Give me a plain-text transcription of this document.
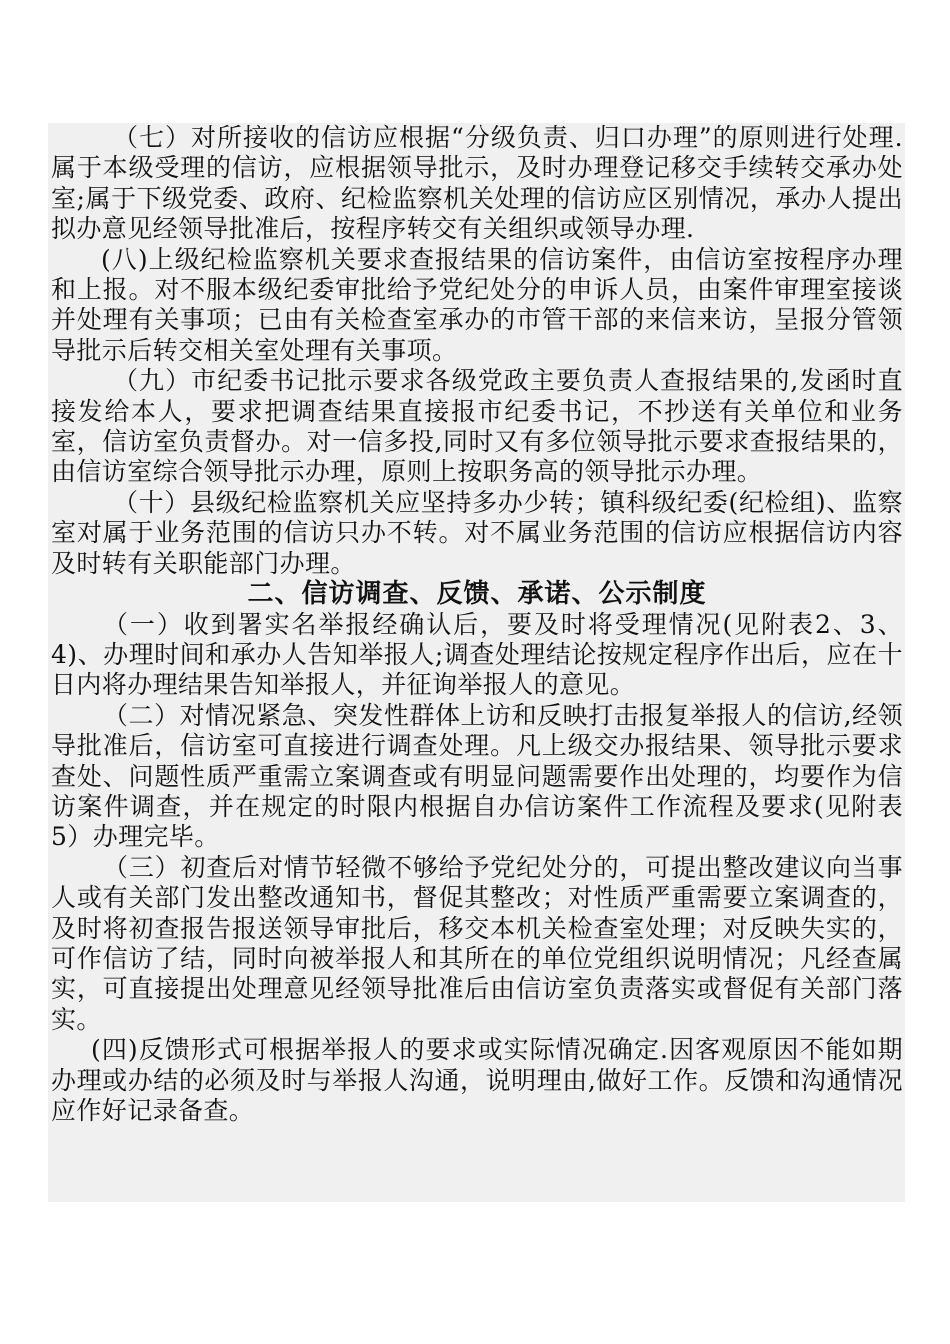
（七）对所接收的信访应根据“分级负责、归口办理”的原则进行处理.属于本级受理的信访，应根据领导批示，及时办理登记移交手续转交承办处室;属于下级党委、政府、纪检监察机关处理的信访应区别情况，承办人提出拟办意见经领导批准后，按程序转交有关组织或领导办理.

(八)上级纪检监察机关要求查报结果的信访案件，由信访室按程序办理和上报。对不服本级纪委审批给予党纪处分的申诉人员，由案件审理室接谈并处理有关事项；已由有关检查室承办的市管干部的来信来访，呈报分管领导批示后转交相关室处理有关事项。

（九）市纪委书记批示要求各级党政主要负责人查报结果的,发函时直接发给本人，要求把调查结果直接报市纪委书记，不抄送有关单位和业务室，信访室负责督办。对一信多投,同时又有多位领导批示要求查报结果的，由信访室综合领导批示办理，原则上按职务高的领导批示办理。

（十）县级纪检监察机关应坚持多办少转；镇科级纪委(纪检组)、监察室对属于业务范围的信访只办不转。对不属业务范围的信访应根据信访内容及时转有关职能部门办理。

二、信访调查、反馈、承诺、公示制度

（一）收到署实名举报经确认后，要及时将受理情况(见附表2、3、4)、办理时间和承办人告知举报人;调查处理结论按规定程序作出后，应在十日内将办理结果告知举报人，并征询举报人的意见。

（二）对情况紧急、突发性群体上访和反映打击报复举报人的信访,经领导批准后，信访室可直接进行调查处理。凡上级交办报结果、领导批示要求查处、问题性质严重需立案调查或有明显问题需要作出处理的，均要作为信访案件调查，并在规定的时限内根据自办信访案件工作流程及要求(见附表5）办理完毕。

（三）初查后对情节轻微不够给予党纪处分的，可提出整改建议向当事人或有关部门发出整改通知书，督促其整改；对性质严重需要立案调查的，及时将初查报告报送领导审批后，移交本机关检查室处理；对反映失实的，可作信访了结，同时向被举报人和其所在的单位党组织说明情况；凡经查属实，可直接提出处理意见经领导批准后由信访室负责落实或督促有关部门落实。

(四)反馈形式可根据举报人的要求或实际情况确定.因客观原因不能如期办理或办结的必须及时与举报人沟通，说明理由,做好工作。反馈和沟通情况应作好记录备查。
